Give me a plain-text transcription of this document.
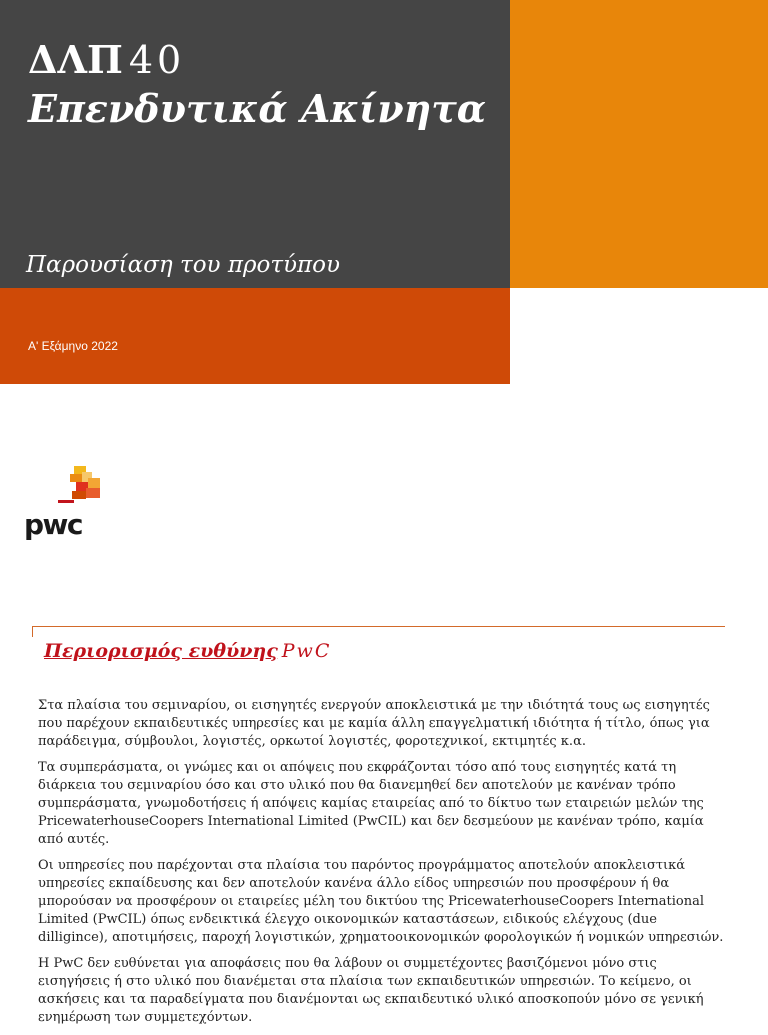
ΔΛΠ 40
Επενδυτικά Ακίνητα
Παρουσίαση του προτύπου
Α' Εξάμηνο 2022
pwc
Περιορισμός ευθύνης PwC

Στα πλαίσια του σεμιναρίου, οι εισηγητές ενεργούν αποκλειστικά με την ιδιότητά τους ως εισηγητές που παρέχουν εκπαιδευτικές υπηρεσίες και με καμία άλλη επαγγελματική ιδιότητα ή τίτλο, όπως για παράδειγμα, σύμβουλοι, λογιστές, ορκωτοί λογιστές, φοροτεχνικοί, εκτιμητές κ.α.

Τα συμπεράσματα, οι γνώμες και οι απόψεις που εκφράζονται τόσο από τους εισηγητές κατά τη διάρκεια του σεμιναρίου όσο και στο υλικό που θα διανεμηθεί δεν αποτελούν με κανέναν τρόπο συμπεράσματα, γνωμοδοτήσεις ή απόψεις καμίας εταιρείας από το δίκτυο των εταιρειών μελών της PricewaterhouseCoopers International Limited (PwCIL) και δεν δεσμεύουν με κανέναν τρόπο, καμία από αυτές.

Οι υπηρεσίες που παρέχονται στα πλαίσια του παρόντος προγράμματος αποτελούν αποκλειστικά υπηρεσίες εκπαίδευσης και δεν αποτελούν κανένα άλλο είδος υπηρεσιών που προσφέρουν ή θα μπορούσαν να προσφέρουν οι εταιρείες μέλη του δικτύου της PricewaterhouseCoopers International Limited (PwCIL) όπως ενδεικτικά έλεγχο οικονομικών καταστάσεων, ειδικούς ελέγχους (due dilligince), αποτιμήσεις, παροχή λογιστικών, χρηματοοικονομικών φορολογικών ή νομικών υπηρεσιών.

Η PwC δεν ευθύνεται για αποφάσεις που θα λάβουν οι συμμετέχοντες βασιζόμενοι μόνο στις εισηγήσεις ή στο υλικό που διανέμεται στα πλαίσια των εκπαιδευτικών υπηρεσιών. Το κείμενο, οι ασκήσεις και τα παραδείγματα που διανέμονται ως εκπαιδευτικό υλικό αποσκοπούν μόνο σε γενική ενημέρωση των συμμετεχόντων.
